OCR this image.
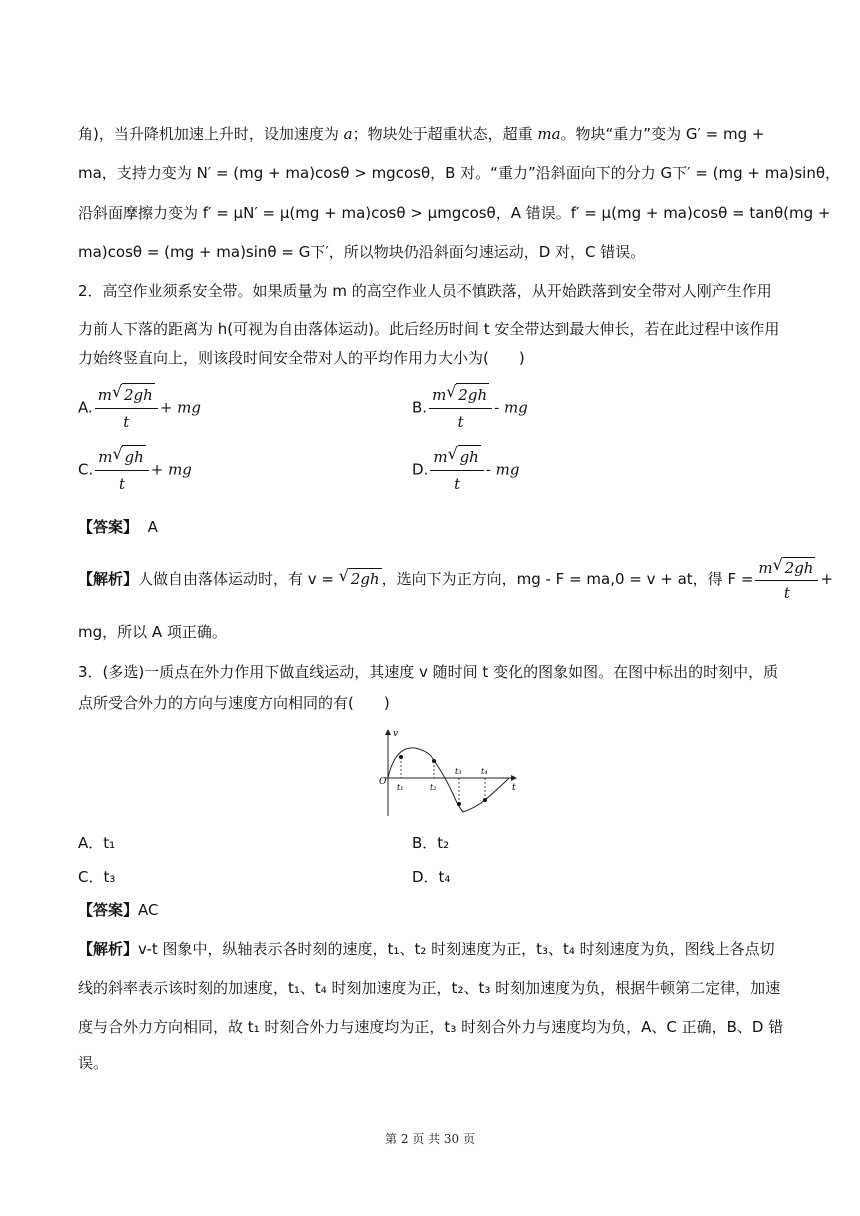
角)，当升降机加速上升时，设加速度为 a；物块处于超重状态，超重 ma。物块“重力”变为 G′ = mg +
ma，支持力变为 N′ = (mg + ma)cosθ > mgcosθ，B 对。“重力”沿斜面向下的分力 G下′ = (mg + ma)sinθ，
沿斜面摩擦力变为 f′ = μN′ = μ(mg + ma)cosθ > μmgcosθ，A 错误。f′ = μ(mg + ma)cosθ = tanθ(mg +
ma)cosθ = (mg + ma)sinθ = G下′，所以物块仍沿斜面匀速运动，D 对，C 错误。
2．高空作业须系安全带。如果质量为 m 的高空作业人员不慎跌落，从开始跌落到安全带对人刚产生作用
力前人下落的距离为 h(可视为自由落体运动)。此后经历时间 t 安全带达到最大伸长，若在此过程中该作用
力始终竖直向上，则该段时间安全带对人的平均作用力大小为(　　)
A. $\frac{m √ 2gh}{t}$ + mg	B. $\frac{m √ 2gh}{t}$ - mg
C. $\frac{m √ gh}{t}$ + mg	D. $\frac{m √ gh}{t}$ - mg
【答案】 A
【解析】人做自由落体运动时，有 v = √ 2gh ，选向下为正方向，mg - F = ma,0 = v + at，得 $F = \frac{m √ 2gh}{t}$ +
mg，所以 A 项正确。
3．(多选)一质点在外力作用下做直线运动，其速度 v 随时间 t 变化的图象如图。在图中标出的时刻中，质
点所受合外力的方向与速度方向相同的有(　　)
v
t
O
t₁	t₂
t₃ t₄
A．t₁	B．t₂
C．t₃	D．t₄
【答案】AC
【解析】v-t 图象中，纵轴表示各时刻的速度，t₁、t₂ 时刻速度为正，t₃、t₄ 时刻速度为负，图线上各点切
线的斜率表示该时刻的加速度，t₁、t₄ 时刻加速度为正，t₂、t₃ 时刻加速度为负，根据牛顿第二定律，加速
度与合外力方向相同，故 t₁ 时刻合外力与速度均为正，t₃ 时刻合外力与速度均为负，A、C 正确，B、D 错
误。
第 2 页 共 30 页
